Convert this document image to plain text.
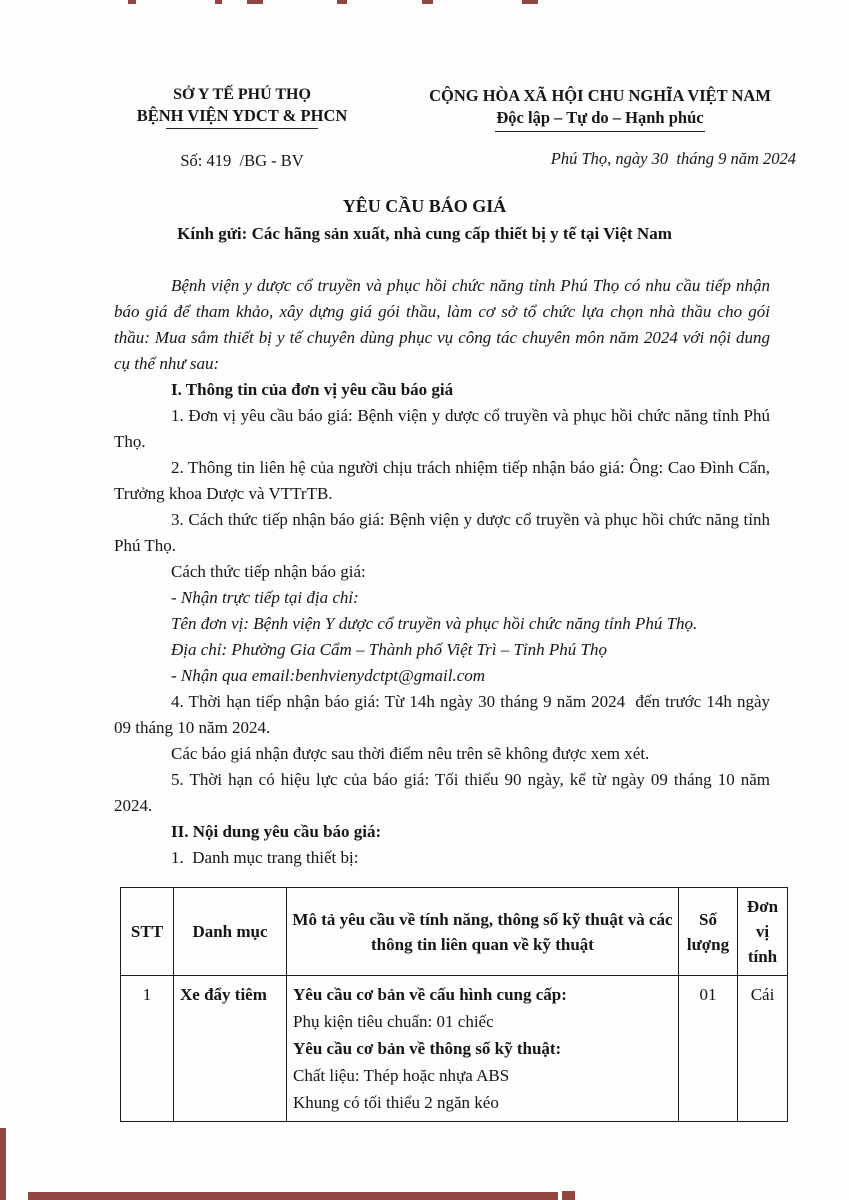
SỞ Y TẾ PHÚ THỌ
BỆNH VIỆN YDCT & PHCN
Số: 419  /BG - BV
CỘNG HÒA XÃ HỘI CHU NGHĨA VIỆT NAM
Độc lập – Tự do – Hạnh phúc
Phú Thọ, ngày 30  tháng 9 năm 2024
YÊU CẦU BÁO GIÁ
Kính gửi: Các hãng sản xuất, nhà cung cấp thiết bị y tế tại Việt Nam

Bệnh viện y dược cổ truyền và phục hồi chức năng tỉnh Phú Thọ có nhu cầu tiếp nhận báo giá để tham khảo, xây dựng giá gói thầu, làm cơ sở tổ chức lựa chọn nhà thầu cho gói thầu: Mua sắm thiết bị y tế chuyên dùng phục vụ công tác chuyên môn năm 2024 với nội dung cụ thể như sau:

I. Thông tin của đơn vị yêu cầu báo giá

1. Đơn vị yêu cầu báo giá: Bệnh viện y dược cổ truyền và phục hồi chức năng tỉnh Phú Thọ.

2. Thông tin liên hệ của người chịu trách nhiệm tiếp nhận báo giá: Ông: Cao Đình Cẩn, Trưởng khoa Dược và VTTrTB.

3. Cách thức tiếp nhận báo giá: Bệnh viện y dược cổ truyền và phục hồi chức năng tỉnh Phú Thọ.

Cách thức tiếp nhận báo giá:

- Nhận trực tiếp tại địa chỉ:

Tên đơn vị: Bệnh viện Y dược cổ truyền và phục hồi chức năng tỉnh Phú Thọ.

Địa chỉ: Phường Gia Cẩm – Thành phố Việt Trì – Tỉnh Phú Thọ

- Nhận qua email:benhvienydctpt@gmail.com

4. Thời hạn tiếp nhận báo giá: Từ 14h ngày 30 tháng 9 năm 2024  đến trước 14h ngày 09 tháng 10 năm 2024.

Các báo giá nhận được sau thời điểm nêu trên sẽ không được xem xét.

5. Thời hạn có hiệu lực của báo giá: Tối thiểu 90 ngày, kể từ ngày 09 tháng 10 năm 2024.

II. Nội dung yêu cầu báo giá:

1.  Danh mục trang thiết bị:

STT	Danh mục	Mô tả yêu cầu về tính năng, thông số kỹ thuật và các thông tin liên quan về kỹ thuật	Số lượng	Đơn vị tính
1	Xe đẩy tiêm	Yêu cầu cơ bản về cấu hình cung cấp:
Phụ kiện tiêu chuẩn: 01 chiếc
Yêu cầu cơ bản về thông số kỹ thuật:
Chất liệu: Thép hoặc nhựa ABS
Khung có tối thiểu 2 ngăn kéo	01	Cái
